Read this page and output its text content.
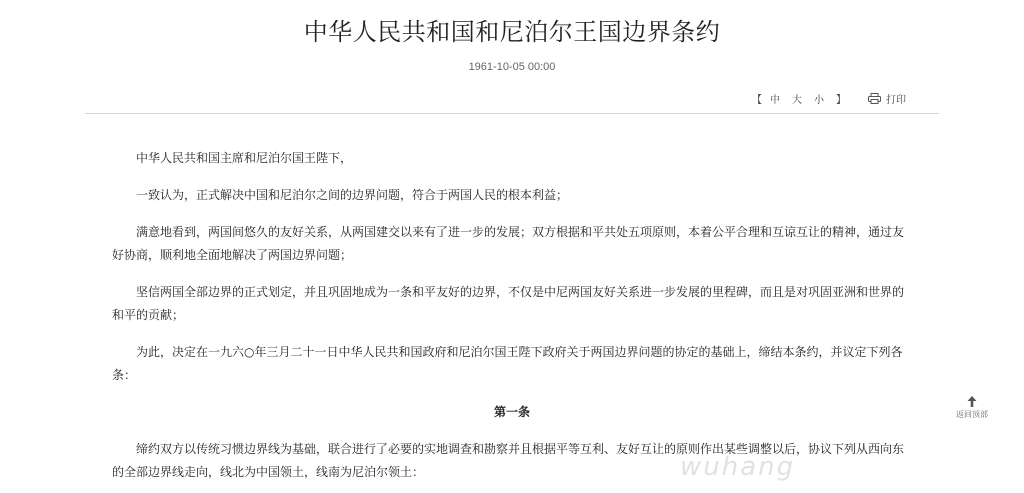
中华人民共和国和尼泊尔王国边界条约
1961-10-05 00:00
【 中 大 小 】	打印

中华人民共和国主席和尼泊尔国王陛下，

一致认为，正式解决中国和尼泊尔之间的边界问题，符合于两国人民的根本利益；

满意地看到，两国间悠久的友好关系，从两国建交以来有了进一步的发展；双方根据和平共处五项原则，本着公平合理和互谅互让的精神，通过友好协商，顺利地全面地解决了两国边界问题；

坚信两国全部边界的正式划定，并且巩固地成为一条和平友好的边界，不仅是中尼两国友好关系进一步发展的里程碑，而且是对巩固亚洲和世界的和平的贡献；

为此，决定在一九六○年三月二十一日中华人民共和国政府和尼泊尔国王陛下政府关于两国边界问题的协定的基础上，缔结本条约，并议定下列各条：

第一条

缔约双方以传统习惯边界线为基础，联合进行了必要的实地调查和勘察并且根据平等互利、友好互让的原则作出某些调整以后，协议下列从西向东的全部边界线走向，线北为中国领土，线南为尼泊尔领土：

返回顶部
wuhang
